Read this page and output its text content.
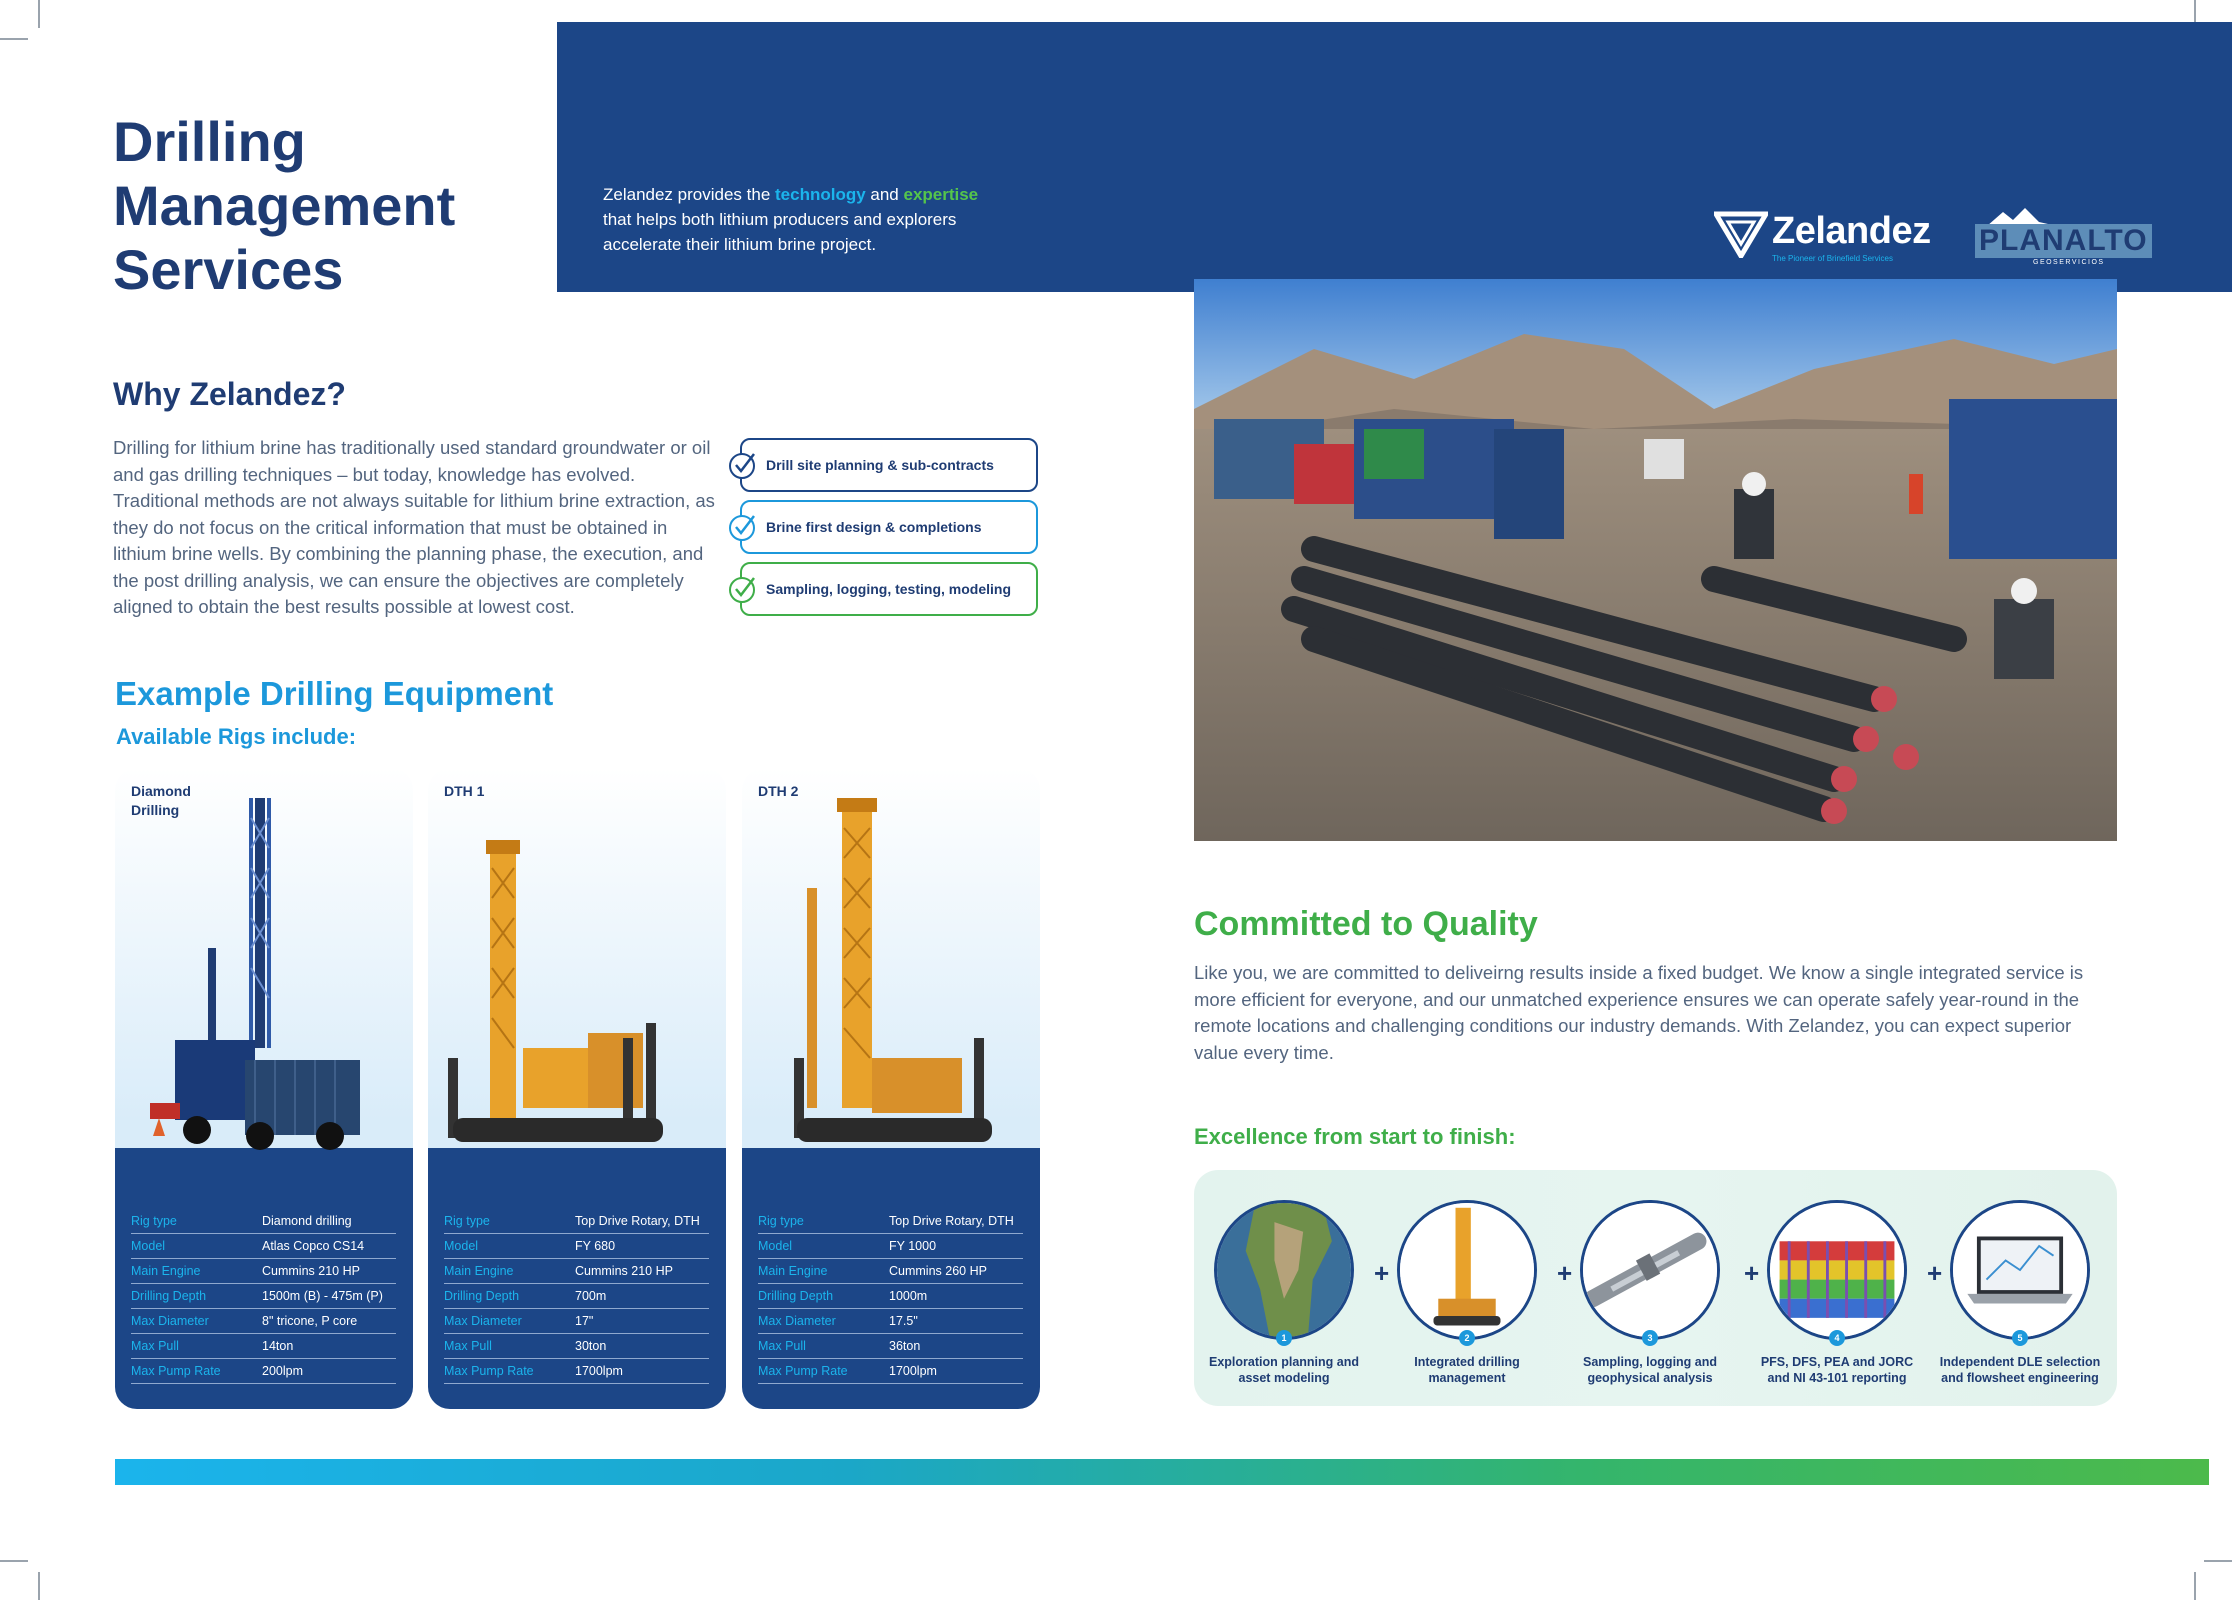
Zelandez provides the technology and expertise
that helps both lithium producers and explorers
accelerate their lithium brine project.	Zelandez
The Pioneer of Brinefield Services
PLANALTO
GEOSERVICIOS
Drilling
Management
Services
Why Zelandez?
Drilling for lithium brine has traditionally used standard groundwater or oil and gas drilling techniques – but today, knowledge has evolved. Traditional methods are not always suitable for lithium brine extraction, as they do not focus on the critical information that must be obtained in lithium brine wells. By combining the planning phase, the execution, and the post drilling analysis, we can ensure the objectives are completely aligned to obtain the best results possible at lowest cost.
Drill site planning & sub-contracts
Brine first design & completions
Sampling, logging, testing, modeling
Example Drilling Equipment
Available Rigs include:
Diamond
Drilling
Rig type	Diamond drilling
Model	Atlas Copco CS14
Main Engine	Cummins 210 HP
Drilling Depth	1500m (B) - 475m (P)
Max Diameter	8" tricone, P core
Max Pull	14ton
Max Pump Rate	200lpm
DTH 1
Rig type	Top Drive Rotary, DTH
Model	FY 680
Main Engine	Cummins 210 HP
Drilling Depth	700m
Max Diameter	17"
Max Pull	30ton
Max Pump Rate	1700lpm
DTH 2
Rig type	Top Drive Rotary, DTH
Model	FY 1000
Main Engine	Cummins 260 HP
Drilling Depth	1000m
Max Diameter	17.5"
Max Pull	36ton
Max Pump Rate	1700lpm
Committed to Quality
Like you, we are committed to deliveirng results inside a fixed budget. We know a single integrated service is more efficient for everyone, and our unmatched experience ensures we can operate safely year-round in the remote locations and challenging conditions our industry demands. With Zelandez, you can expect superior value every time.
Excellence from start to finish:
1
Exploration planning and asset modeling
+
2
Integrated drilling management
+
3
Sampling, logging and geophysical analysis
+
4
PFS, DFS, PEA and JORC and NI 43-101 reporting
+
5
Independent DLE selection and flowsheet engineering
